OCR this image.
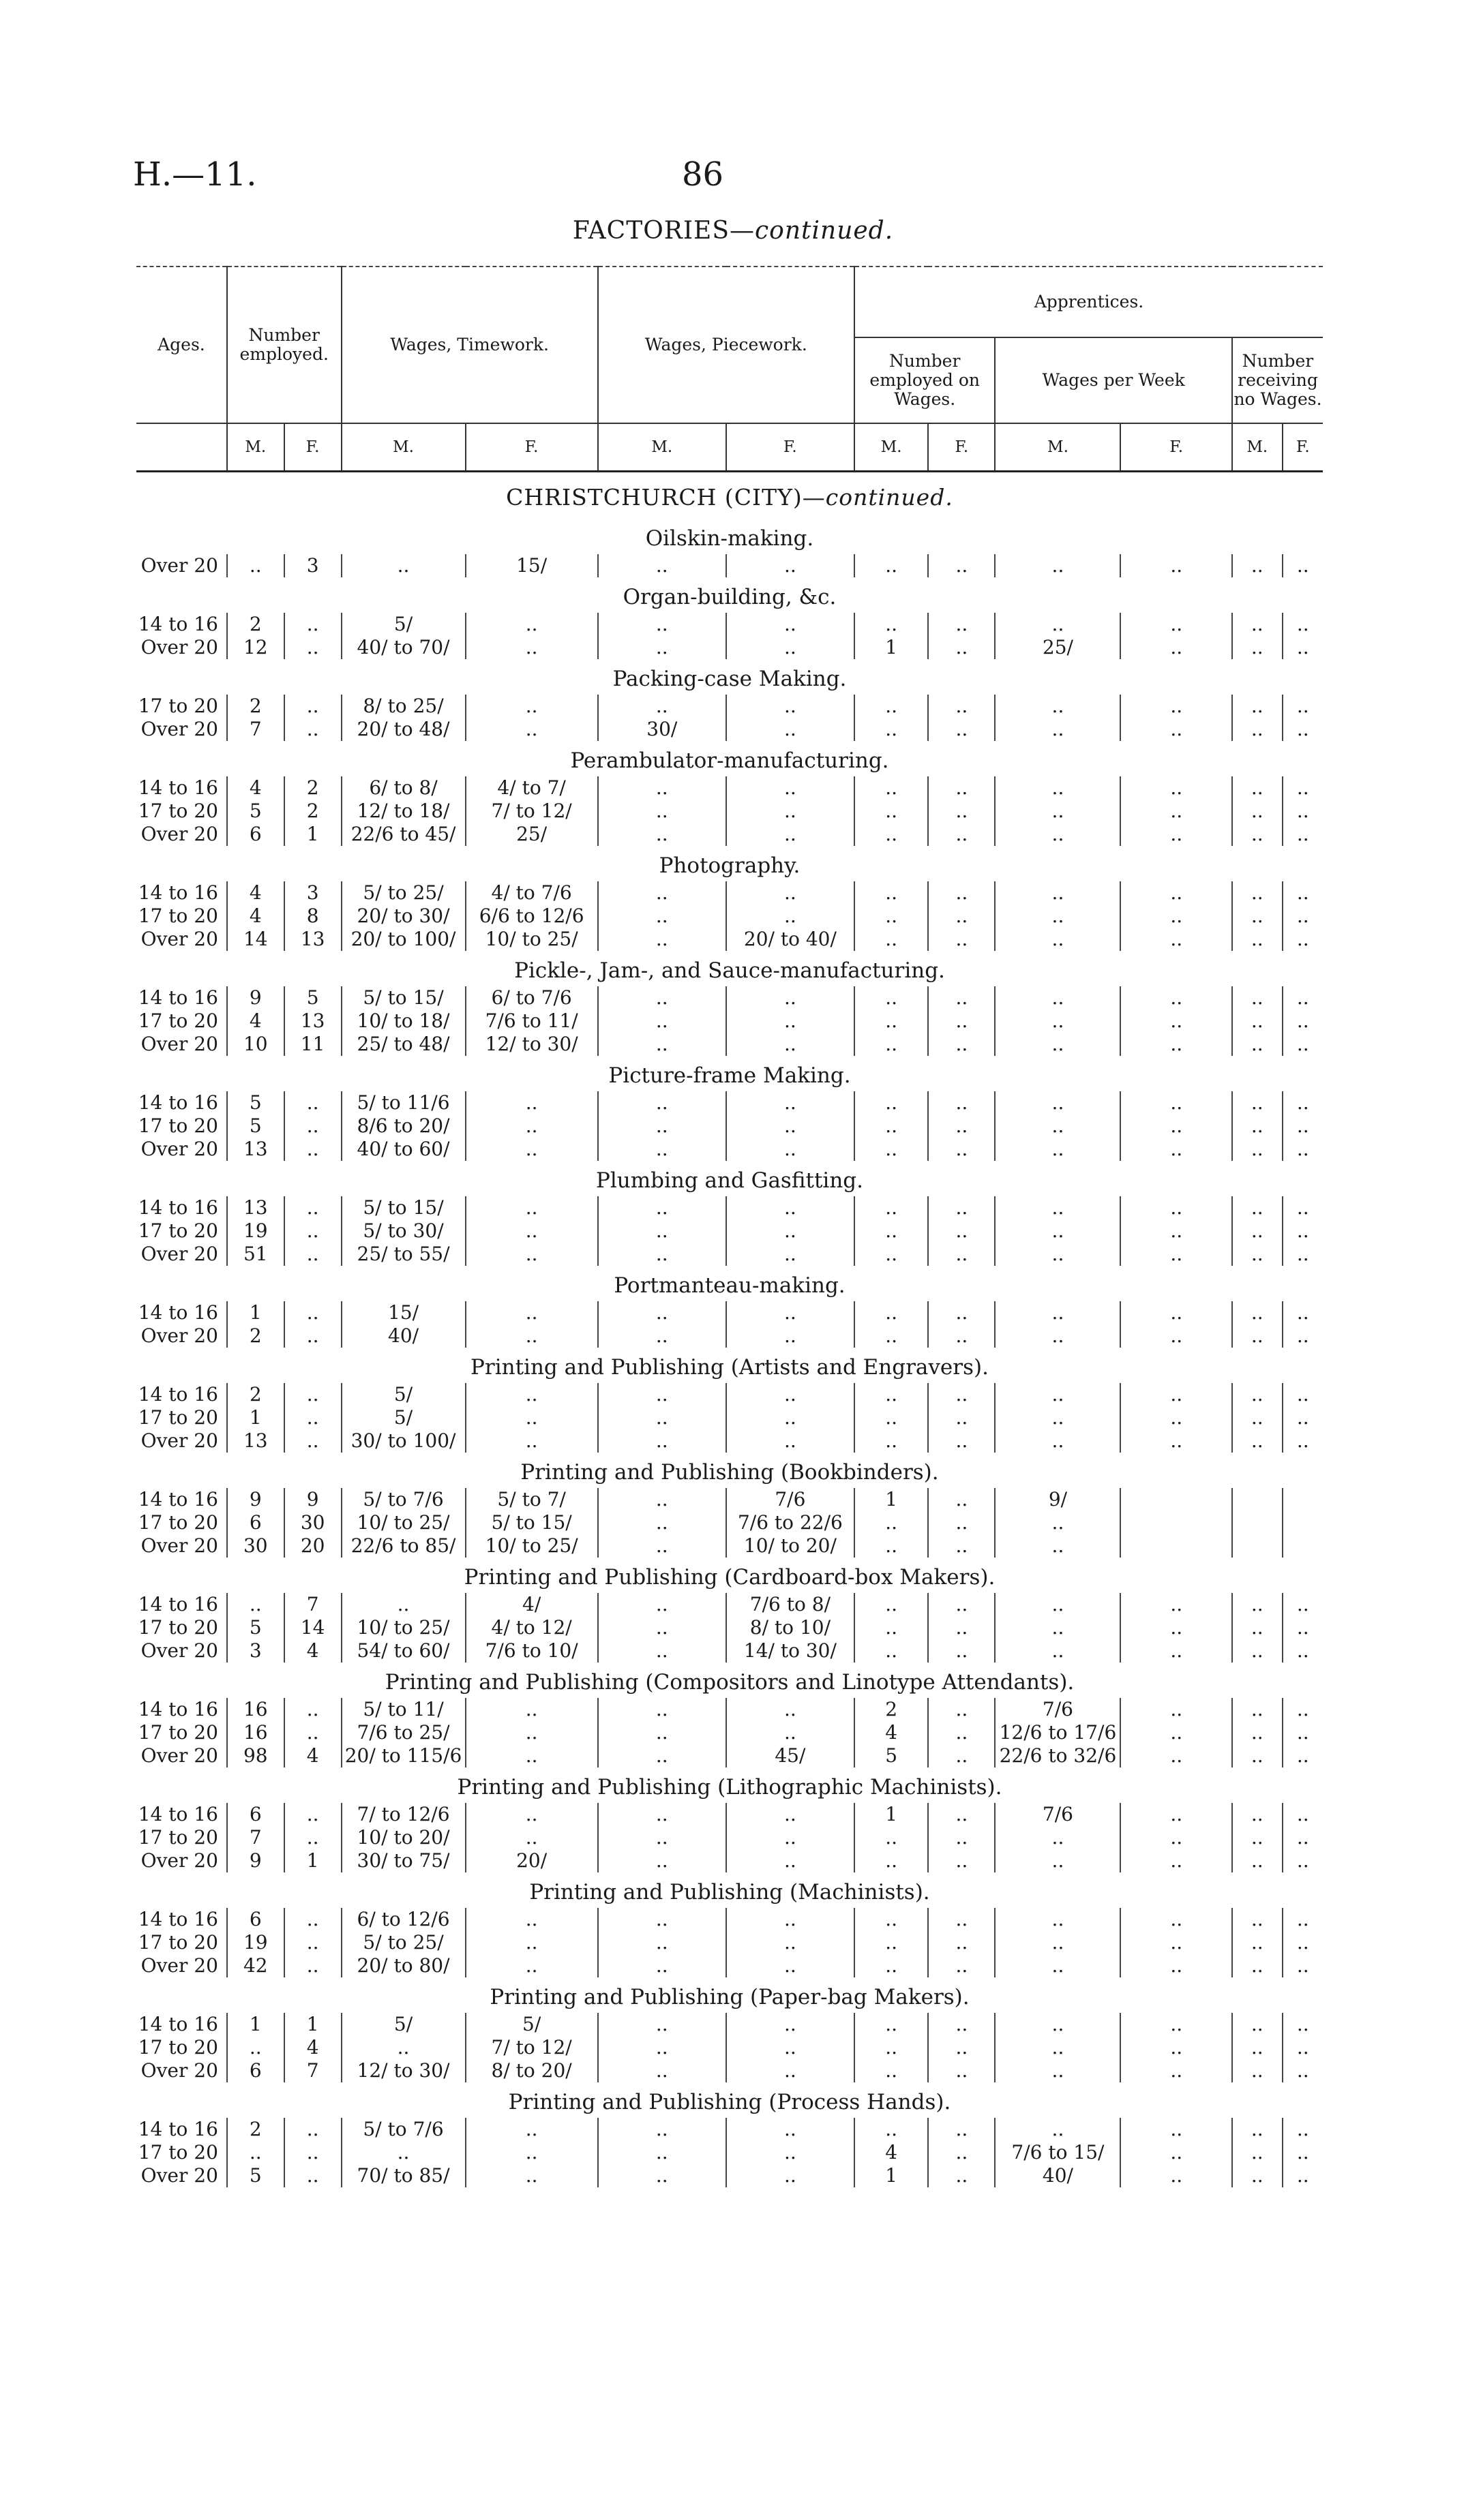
H.—11.	86
FACTORIES—continued.
Ages.	Number employed.		Wages, Timework.		Wages, Piecework.		Apprentices.					
							Number employed on Wages.		Wages per Week		Number receiving no Wages.	
	M.	F.	M.	F.	M.	F.	M.	F.	M.	F.	M.	F.
CHRISTCHURCH (CITY)—continued.												
Oilskin-making.												
Over 20	..	3	..	15/	..	..	..	..	..	..	..	..
Organ-building, &c.												
14 to 16	2	..	5/	..	..	..	..	..	..	..	..	..
Over 20	12	..	40/ to 70/	..	..	..	1	..	25/	..	..	..
Packing-case Making.												
17 to 20	2	..	8/ to 25/	..	..	..	..	..	..	..	..	..
Over 20	7	..	20/ to 48/	..	30/	..	..	..	..	..	..	..
Perambulator-manufacturing.												
14 to 16	4	2	6/ to 8/	4/ to 7/	..	..	..	..	..	..	..	..
17 to 20	5	2	12/ to 18/	7/ to 12/	..	..	..	..	..	..	..	..
Over 20	6	1	22/6 to 45/	25/	..	..	..	..	..	..	..	..
Photography.												
14 to 16	4	3	5/ to 25/	4/ to 7/6	..	..	..	..	..	..	..	..
17 to 20	4	8	20/ to 30/	6/6 to 12/6	..	..	..	..	..	..	..	..
Over 20	14	13	20/ to 100/	10/ to 25/	..	20/ to 40/	..	..	..	..	..	..
Pickle-, Jam-, and Sauce-manufacturing.												
14 to 16	9	5	5/ to 15/	6/ to 7/6	..	..	..	..	..	..	..	..
17 to 20	4	13	10/ to 18/	7/6 to 11/	..	..	..	..	..	..	..	..
Over 20	10	11	25/ to 48/	12/ to 30/	..	..	..	..	..	..	..	..
Picture-frame Making.												
14 to 16	5	..	5/ to 11/6	..	..	..	..	..	..	..	..	..
17 to 20	5	..	8/6 to 20/	..	..	..	..	..	..	..	..	..
Over 20	13	..	40/ to 60/	..	..	..	..	..	..	..	..	..
Plumbing and Gasfitting.												
14 to 16	13	..	5/ to 15/	..	..	..	..	..	..	..	..	..
17 to 20	19	..	5/ to 30/	..	..	..	..	..	..	..	..	..
Over 20	51	..	25/ to 55/	..	..	..	..	..	..	..	..	..
Portmanteau-making.												
14 to 16	1	..	15/	..	..	..	..	..	..	..	..	..
Over 20	2	..	40/	..	..	..	..	..	..	..	..	..
Printing and Publishing (Artists and Engravers).												
14 to 16	2	..	5/	..	..	..	..	..	..	..	..	..
17 to 20	1	..	5/	..	..	..	..	..	..	..	..	..
Over 20	13	..	30/ to 100/	..	..	..	..	..	..	..	..	..
Printing and Publishing (Bookbinders).												
14 to 16	9	9	5/ to 7/6	5/ to 7/	..	7/6	1	..	9/			
17 to 20	6	30	10/ to 25/	5/ to 15/	..	7/6 to 22/6	..	..	..			
Over 20	30	20	22/6 to 85/	10/ to 25/	..	10/ to 20/	..	..	..			
Printing and Publishing (Cardboard-box Makers).												
14 to 16	..	7	..	4/	..	7/6 to 8/	..	..	..	..	..	..
17 to 20	5	14	10/ to 25/	4/ to 12/	..	8/ to 10/	..	..	..	..	..	..
Over 20	3	4	54/ to 60/	7/6 to 10/	..	14/ to 30/	..	..	..	..	..	..
Printing and Publishing (Compositors and Linotype Attendants).												
14 to 16	16	..	5/ to 11/	..	..	..	2	..	7/6	..	..	..
17 to 20	16	..	7/6 to 25/	..	..	..	4	..	12/6 to 17/6	..	..	..
Over 20	98	4	20/ to 115/6	..	..	45/	5	..	22/6 to 32/6	..	..	..
Printing and Publishing (Lithographic Machinists).												
14 to 16	6	..	7/ to 12/6	..	..	..	1	..	7/6	..	..	..
17 to 20	7	..	10/ to 20/	..	..	..	..	..	..	..	..	..
Over 20	9	1	30/ to 75/	20/	..	..	..	..	..	..	..	..
Printing and Publishing (Machinists).												
14 to 16	6	..	6/ to 12/6	..	..	..	..	..	..	..	..	..
17 to 20	19	..	5/ to 25/	..	..	..	..	..	..	..	..	..
Over 20	42	..	20/ to 80/	..	..	..	..	..	..	..	..	..
Printing and Publishing (Paper-bag Makers).												
14 to 16	1	1	5/	5/	..	..	..	..	..	..	..	..
17 to 20	..	4	..	7/ to 12/	..	..	..	..	..	..	..	..
Over 20	6	7	12/ to 30/	8/ to 20/	..	..	..	..	..	..	..	..
Printing and Publishing (Process Hands).												
14 to 16	2	..	5/ to 7/6	..	..	..	..	..	..	..	..	..
17 to 20	..	..	..	..	..	..	4	..	7/6 to 15/	..	..	..
Over 20	5	..	70/ to 85/	..	..	..	1	..	40/	..	..	..
